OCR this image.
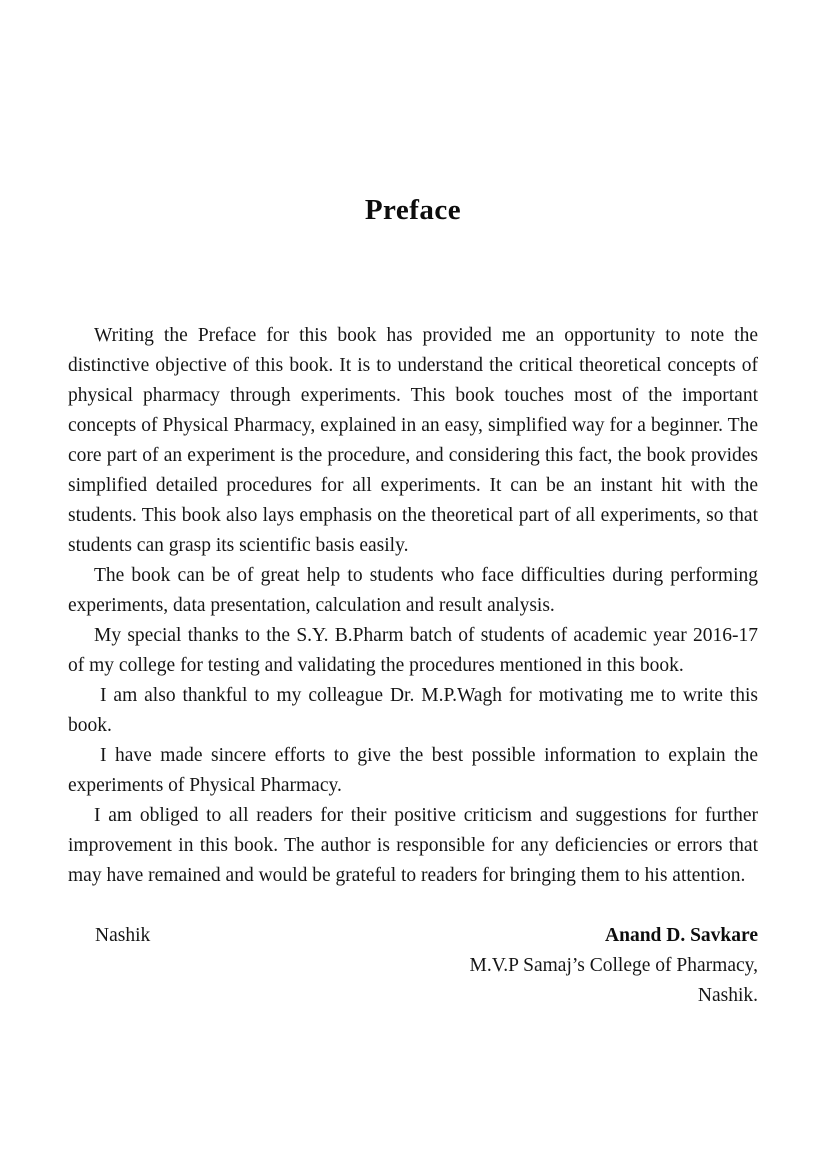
Preface

Writing the Preface for this book has provided me an opportunity to note the distinctive objective of this book. It is to understand the critical theoretical concepts of physical pharmacy through experiments. This book touches most of the important concepts of Physical Pharmacy, explained in an easy, simplified way for a beginner. The core part of an experiment is the procedure, and considering this fact, the book provides simplified detailed procedures for all experiments. It can be an instant hit with the students. This book also lays emphasis on the theoretical part of all experiments, so that students can grasp its scientific basis easily.

The book can be of great help to students who face difficulties during performing experiments, data presentation, calculation and result analysis.

My special thanks to the S.Y. B.Pharm batch of students of academic year 2016-17 of my college for testing and validating the procedures mentioned in this book.

I am also thankful to my colleague Dr. M.P.Wagh for motivating me to write this book.

I have made sincere efforts to give the best possible information to explain the experiments of Physical Pharmacy.

I am obliged to all readers for their positive criticism and suggestions for further improvement in this book. The author is responsible for any deficiencies or errors that may have remained and would be grateful to readers for bringing them to his attention.

Nashik	Anand D. Savkare
M.V.P Samaj’s College of Pharmacy,
Nashik.
